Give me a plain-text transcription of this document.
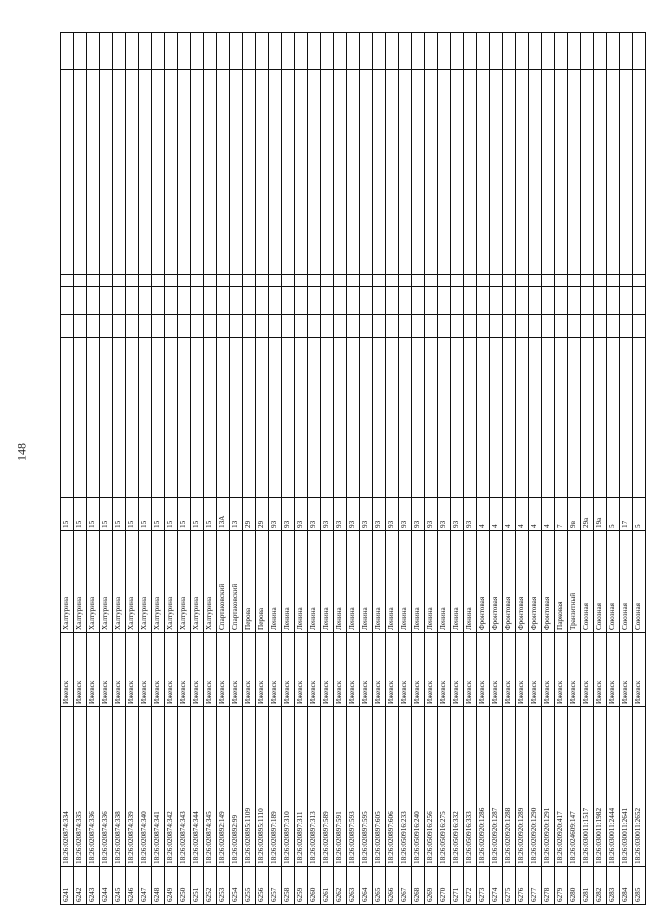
148
6241	18:26:020874:334	Ижевск	Халтурина	15						
6242	18:26:020874:335	Ижевск	Халтурина	15						
6243	18:26:020874:336	Ижевск	Халтурина	15						
6244	18:26:020874:336	Ижевск	Халтурина	15						
6245	18:26:020874:338	Ижевск	Халтурина	15						
6246	18:26:020874:339	Ижевск	Халтурина	15						
6247	18:26:020874:340	Ижевск	Халтурина	15						
6248	18:26:020874:341	Ижевск	Халтурина	15						
6249	18:26:020874:342	Ижевск	Халтурина	15						
6250	18:26:020874:343	Ижевск	Халтурина	15						
6251	18:26:020874:344	Ижевск	Халтурина	15						
6252	18:26:020874:345	Ижевск	Халтурина	15						
6253	18:26:020892:149	Ижевск	Спартаковский	13А						
6254	18:26:020892:99	Ижевск	Спартаковский	13						
6255	18:26:020895:1109	Ижевск	Перова	29						
6256	18:26:020895:1110	Ижевск	Перова	29						
6257	18:26:020897:189	Ижевск	Ленина	93						
6258	18:26:020897:310	Ижевск	Ленина	93						
6259	18:26:020897:311	Ижевск	Ленина	93						
6260	18:26:020897:313	Ижевск	Ленина	93						
6261	18:26:020897:589	Ижевск	Ленина	93						
6262	18:26:020897:591	Ижевск	Ленина	93						
6263	18:26:020897:593	Ижевск	Ленина	93						
6264	18:26:020897:595	Ижевск	Ленина	93						
6265	18:26:020897:605	Ижевск	Ленина	93						
6266	18:26:020897:606	Ижевск	Ленина	93						
6267	18:26:050916:233	Ижевск	Ленина	93						
6268	18:26:050916:240	Ижевск	Ленина	93						
6269	18:26:050916:256	Ижевск	Ленина	93						
6270	18:26:050916:275	Ижевск	Ленина	93						
6271	18:26:050916:332	Ижевск	Ленина	93						
6272	18:26:050916:333	Ижевск	Ленина	93						
6273	18:26:020920:1286	Ижевск	Фронтовая	4						
6274	18:26:020920:1287	Ижевск	Фронтовая	4						
6275	18:26:020920:1288	Ижевск	Фронтовая	4						
6276	18:26:020920:1289	Ижевск	Фронтовая	4						
6277	18:26:020920:1290	Ижевск	Фронтовая	4						
6278	18:26:020920:1291	Ижевск	Фронтовая	4						
6279	18:26:020920:417	Ижевск	Парковая	7						
6280	18:26:024609:147	Ижевск	Транзитный	9в						
6281	18:26:030011:1517	Ижевск	Союзная	29а						
6282	18:26:030011:1982	Ижевск	Союзная	19а						
6283	18:26:030011:2444	Ижевск	Союзная	5						
6284	18:26:030011:2641	Ижевск	Союзная	17						
6285	18:26:030011:2652	Ижевск	Союзная	5						
